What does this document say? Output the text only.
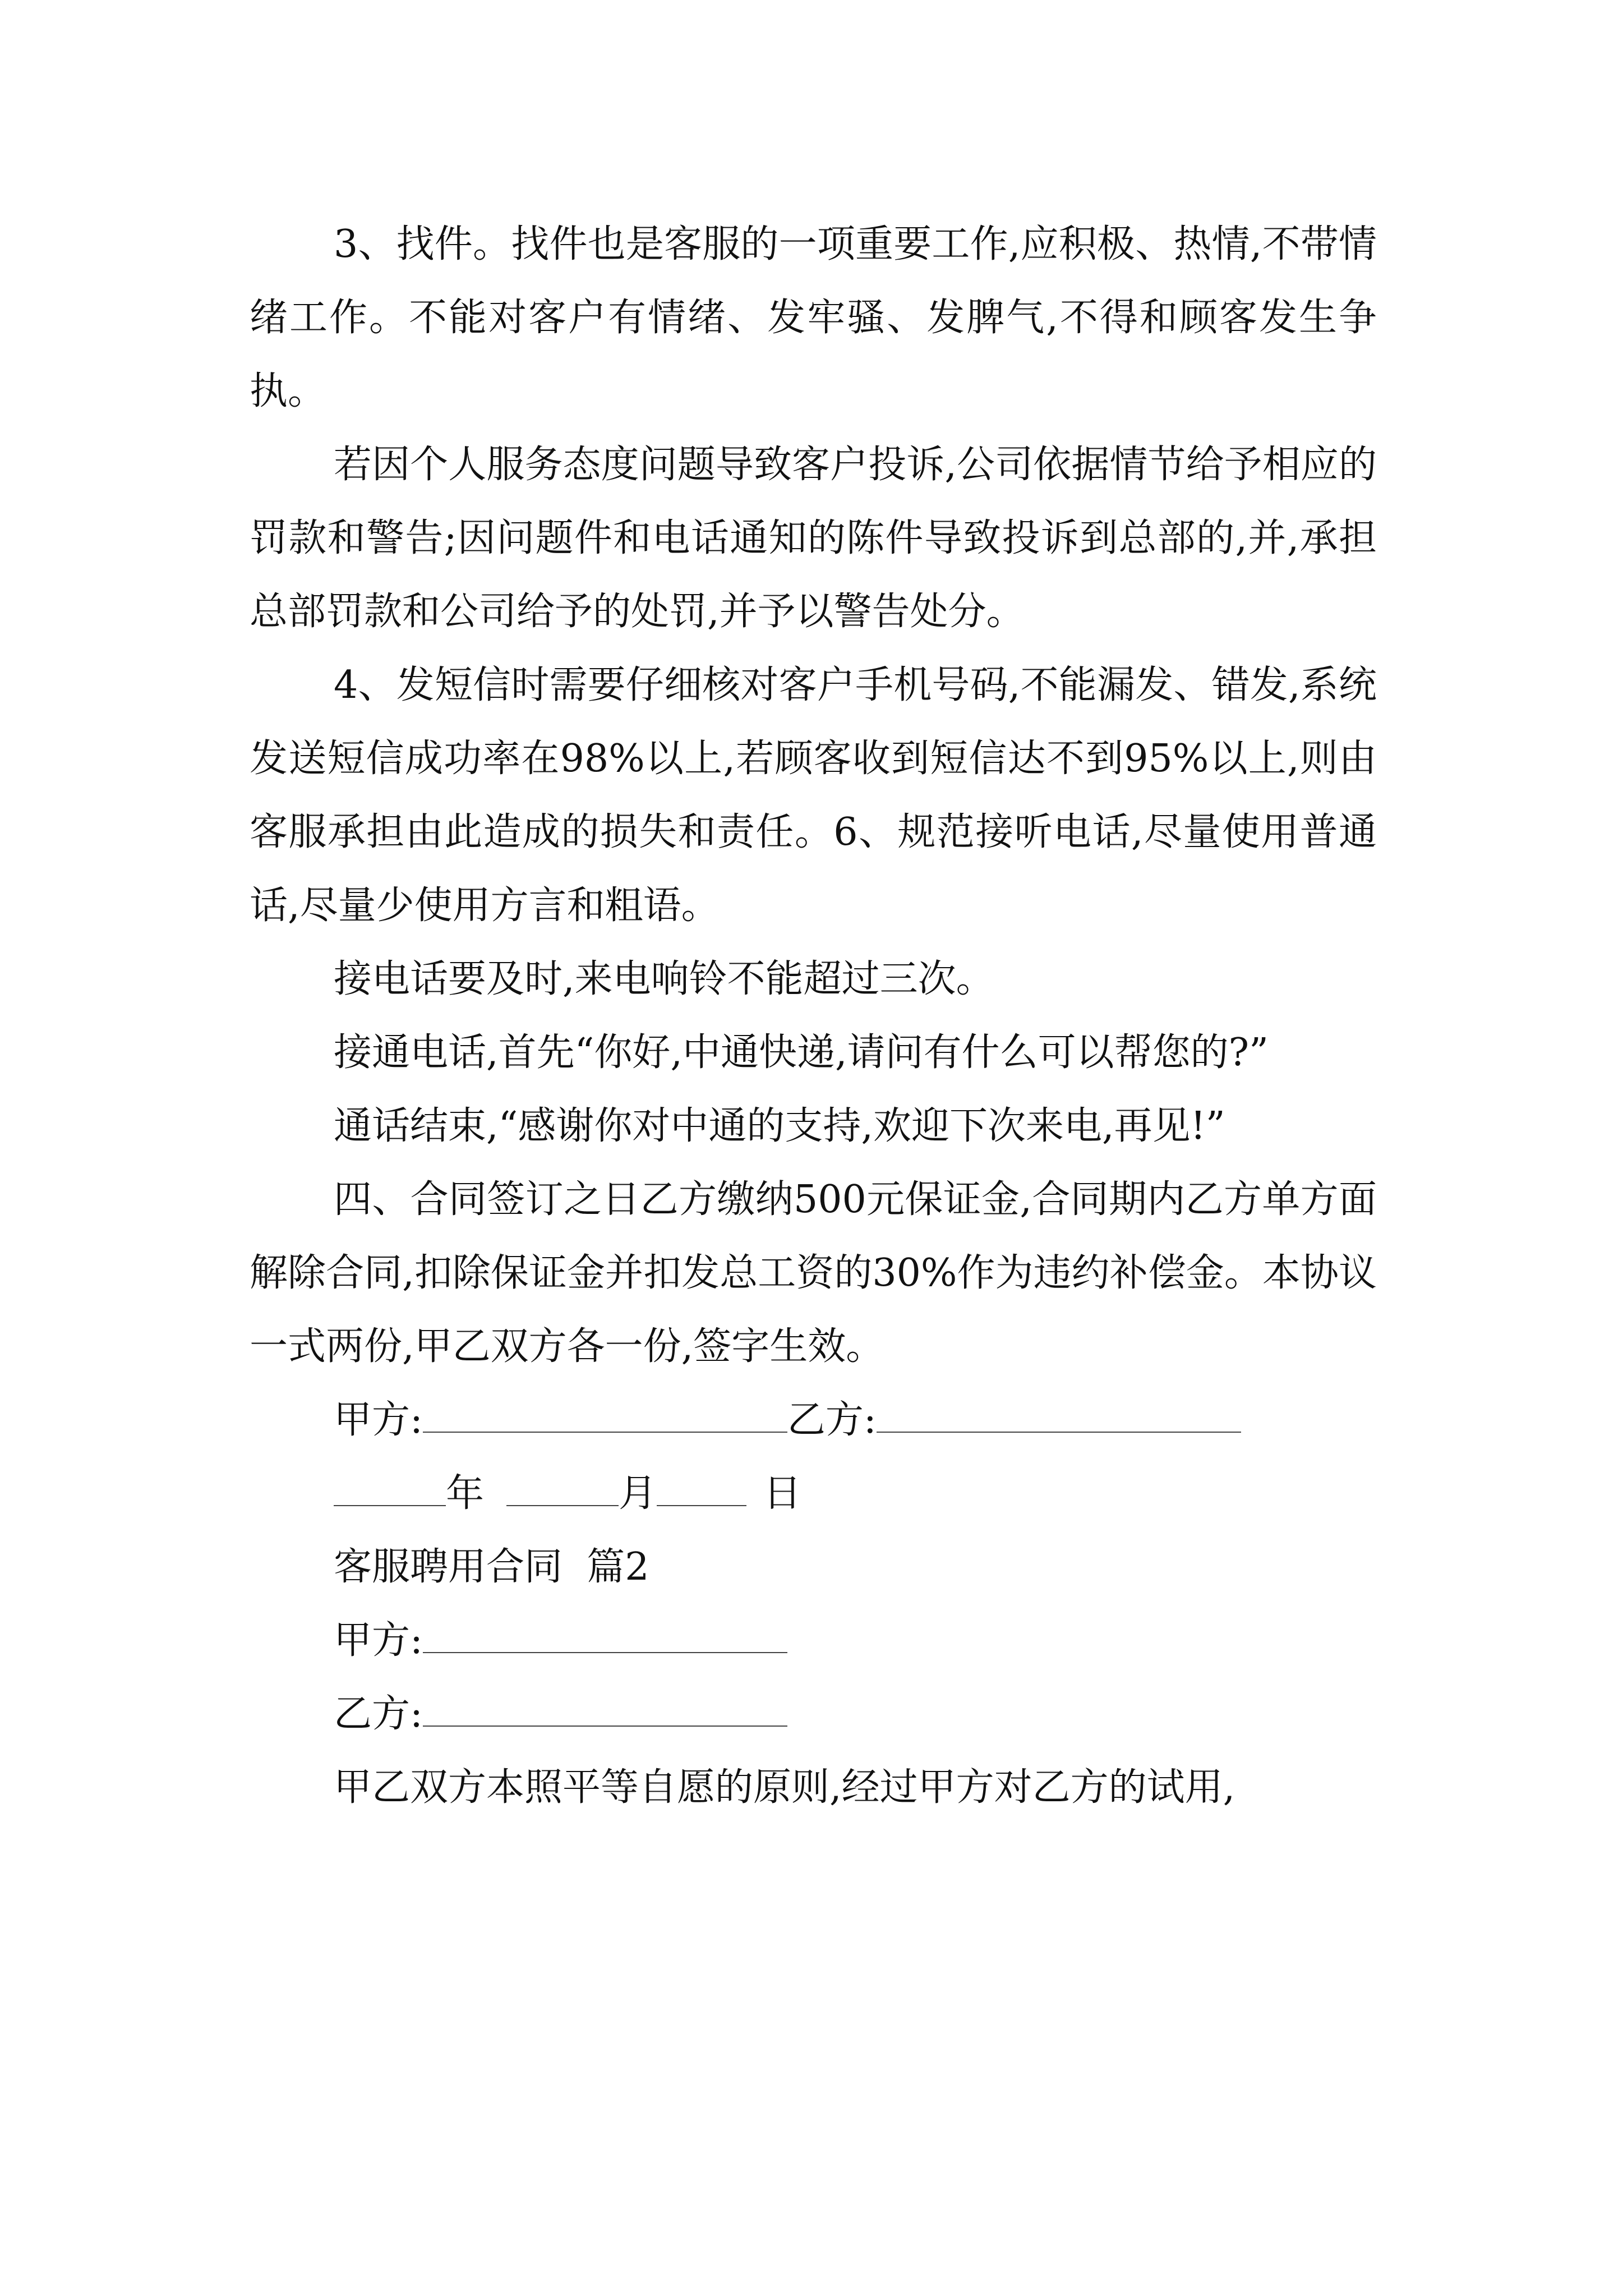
3、找件。找件也是客服的一项重要工作,应积极、热情,不带情绪工作。不能对客户有情绪、发牢骚、发脾气,不得和顾客发生争执。

若因个人服务态度问题导致客户投诉,公司依据情节给予相应的罚款和警告;因问题件和电话通知的陈件导致投诉到总部的,并,承担总部罚款和公司给予的处罚,并予以警告处分。

4、发短信时需要仔细核对客户手机号码,不能漏发、错发,系统发送短信成功率在98%以上,若顾客收到短信达不到95%以上,则由客服承担由此造成的损失和责任。6、规范接听电话,尽量使用普通话,尽量少使用方言和粗语。

接电话要及时,来电响铃不能超过三次。

接通电话,首先“你好,中通快递,请问有什么可以帮您的?”

通话结束,“感谢你对中通的支持,欢迎下次来电,再见!”

四、合同签订之日乙方缴纳500元保证金,合同期内乙方单方面解除合同,扣除保证金并扣发总工资的30%作为违约补偿金。本协议一式两份,甲乙双方各一份,签字生效。

甲方:	乙方:
年	月	日
客服聘用合同  篇2
甲方:
乙方:

甲乙双方本照平等自愿的原则,经过甲方对乙方的试用,
